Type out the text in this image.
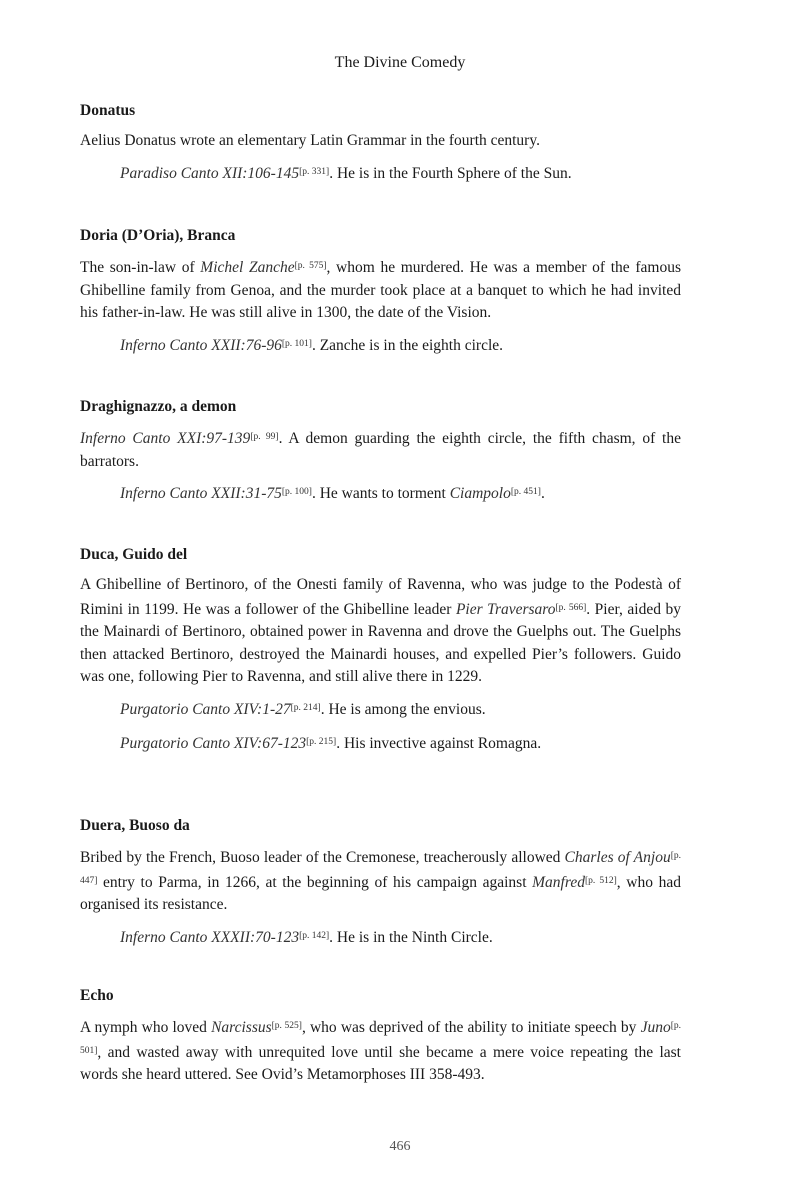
The Divine Comedy

Donatus

Aelius Donatus wrote an elementary Latin Grammar in the fourth century.

Paradiso Canto XII:106-145[p. 331]. He is in the Fourth Sphere of the Sun.

Doria (D’Oria), Branca

The son-in-law of Michel Zanche[p. 575], whom he murdered. He was a member of the famous Ghibelline family from Genoa, and the murder took place at a banquet to which he had invited his father-in-law. He was still alive in 1300, the date of the Vision.

Inferno Canto XXII:76-96[p. 101]. Zanche is in the eighth circle.

Draghignazzo, a demon

Inferno Canto XXI:97-139[p. 99]. A demon guarding the eighth circle, the fifth chasm, of the barrators.

Inferno Canto XXII:31-75[p. 100]. He wants to torment Ciampolo[p. 451].

Duca, Guido del

A Ghibelline of Bertinoro, of the Onesti family of Ravenna, who was judge to the Podestà of Rimini in 1199. He was a follower of the Ghibelline leader Pier Traversaro[p. 566]. Pier, aided by the Mainardi of Bertinoro, obtained power in Ravenna and drove the Guelphs out. The Guelphs then attacked Bertinoro, destroyed the Mainardi houses, and expelled Pier’s followers. Guido was one, following Pier to Ravenna, and still alive there in 1229.

Purgatorio Canto XIV:1-27[p. 214]. He is among the envious.

Purgatorio Canto XIV:67-123[p. 215]. His invective against Romagna.

Duera, Buoso da

Bribed by the French, Buoso leader of the Cremonese, treacherously allowed Charles of Anjou[p. 447] entry to Parma, in 1266, at the beginning of his campaign against Manfred[p. 512], who had organised its resistance.

Inferno Canto XXXII:70-123[p. 142]. He is in the Ninth Circle.

Echo

A nymph who loved Narcissus[p. 525], who was deprived of the ability to initiate speech by Juno[p. 501], and wasted away with unrequited love until she became a mere voice repeating the last words she heard uttered. See Ovid’s Metamorphoses III 358-493.

466
